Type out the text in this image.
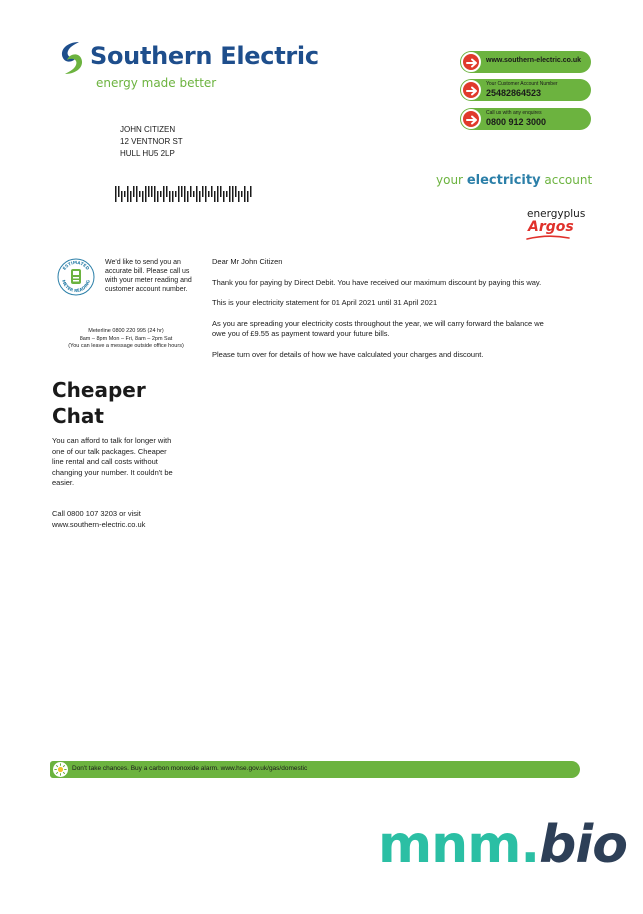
Southern Electric
energy made better
www.southern-electric.co.uk
Your Customer Account Number
25482864523
Call us with any enquires
0800 912 3000
JOHN CITIZEN
12 VENTNOR ST
HULL HU5 2LP
your electricity account
energyplus
Argos
ESTIMATED
METER READING
We'd like to send you an accurate bill. Please call us with your meter reading and customer account number.
Meterline 0800 220 995 (24 hr)
8am – 8pm Mon – Fri, 8am – 2pm Sat
(You can leave a message outside office hours)
Cheaper
Chat
You can afford to talk for longer with one of our talk packages. Cheaper line rental and call costs without changing your number. It couldn't be easier.
Call 0800 107 3203 or visit www.southern-electric.co.uk

Dear Mr John Citizen

Thank you for paying by Direct Debit. You have received our maximum discount by paying this way.

This is your electricity statement for 01 April 2021 until 31 April 2021

As you are spreading your electricity costs throughout the year, we will carry forward the balance we owe you of £9.55 as payment toward your future bills.

Please turn over for details of how we have calculated your charges and discount.

Don't take chances. Buy a carbon monoxide alarm. www.hse.gov.uk/gas/domestic
mnm.bio
